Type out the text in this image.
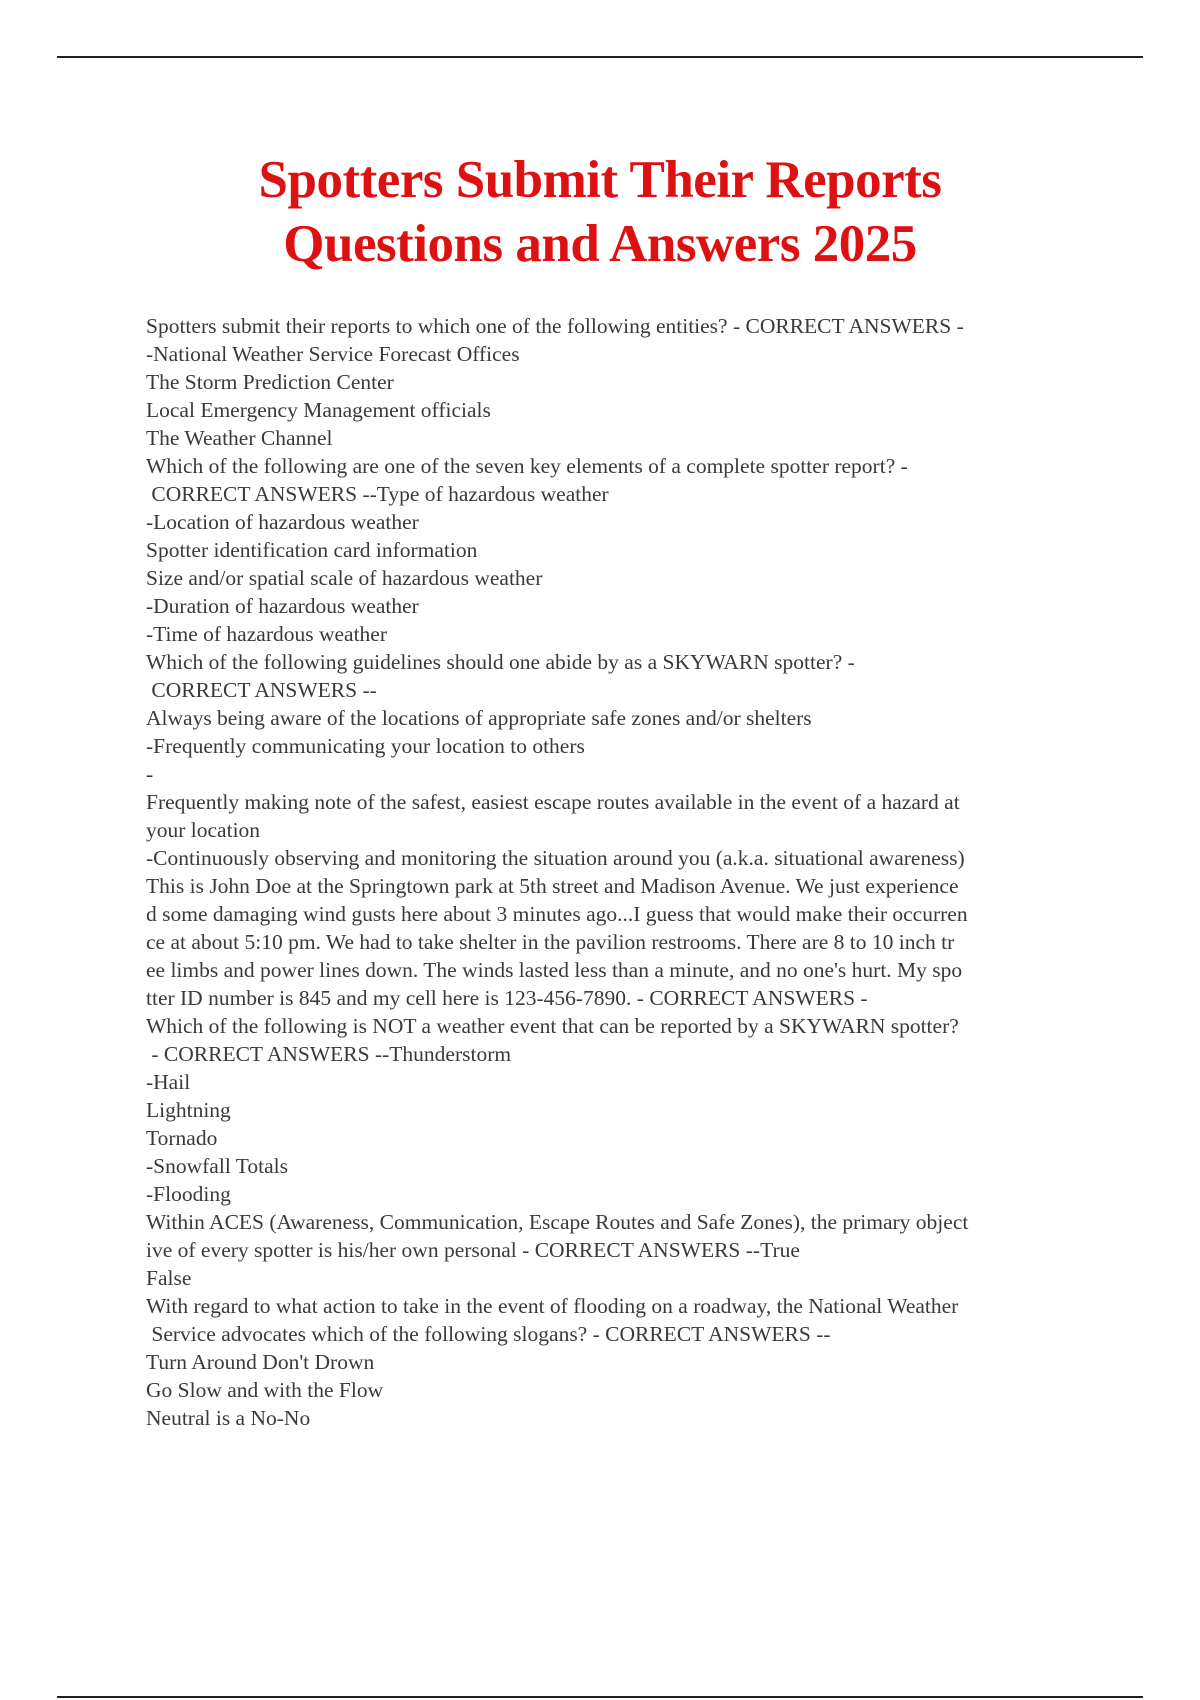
Spotters Submit Their Reports
Questions and Answers 2025
Spotters submit their reports to which one of the following entities? - CORRECT ANSWERS -
-National Weather Service Forecast Offices
The Storm Prediction Center
Local Emergency Management officials
The Weather Channel
Which of the following are one of the seven key elements of a complete spotter report? -
CORRECT ANSWERS --Type of hazardous weather
-Location of hazardous weather
Spotter identification card information
Size and/or spatial scale of hazardous weather
-Duration of hazardous weather
-Time of hazardous weather
Which of the following guidelines should one abide by as a SKYWARN spotter? -
CORRECT ANSWERS --
Always being aware of the locations of appropriate safe zones and/or shelters
-Frequently communicating your location to others
-
Frequently making note of the safest, easiest escape routes available in the event of a hazard at
your location
-Continuously observing and monitoring the situation around you (a.k.a. situational awareness)
This is John Doe at the Springtown park at 5th street and Madison Avenue. We just experience
d some damaging wind gusts here about 3 minutes ago...I guess that would make their occurren
ce at about 5:10 pm. We had to take shelter in the pavilion restrooms. There are 8 to 10 inch tr
ee limbs and power lines down. The winds lasted less than a minute, and no one's hurt. My spo
tter ID number is 845 and my cell here is 123-456-7890. - CORRECT ANSWERS -
Which of the following is NOT a weather event that can be reported by a SKYWARN spotter?
- CORRECT ANSWERS --Thunderstorm
-Hail
Lightning
Tornado
-Snowfall Totals
-Flooding
Within ACES (Awareness, Communication, Escape Routes and Safe Zones), the primary object
ive of every spotter is his/her own personal - CORRECT ANSWERS --True
False
With regard to what action to take in the event of flooding on a roadway, the National Weather
Service advocates which of the following slogans? - CORRECT ANSWERS --
Turn Around Don't Drown
Go Slow and with the Flow
Neutral is a No-No
